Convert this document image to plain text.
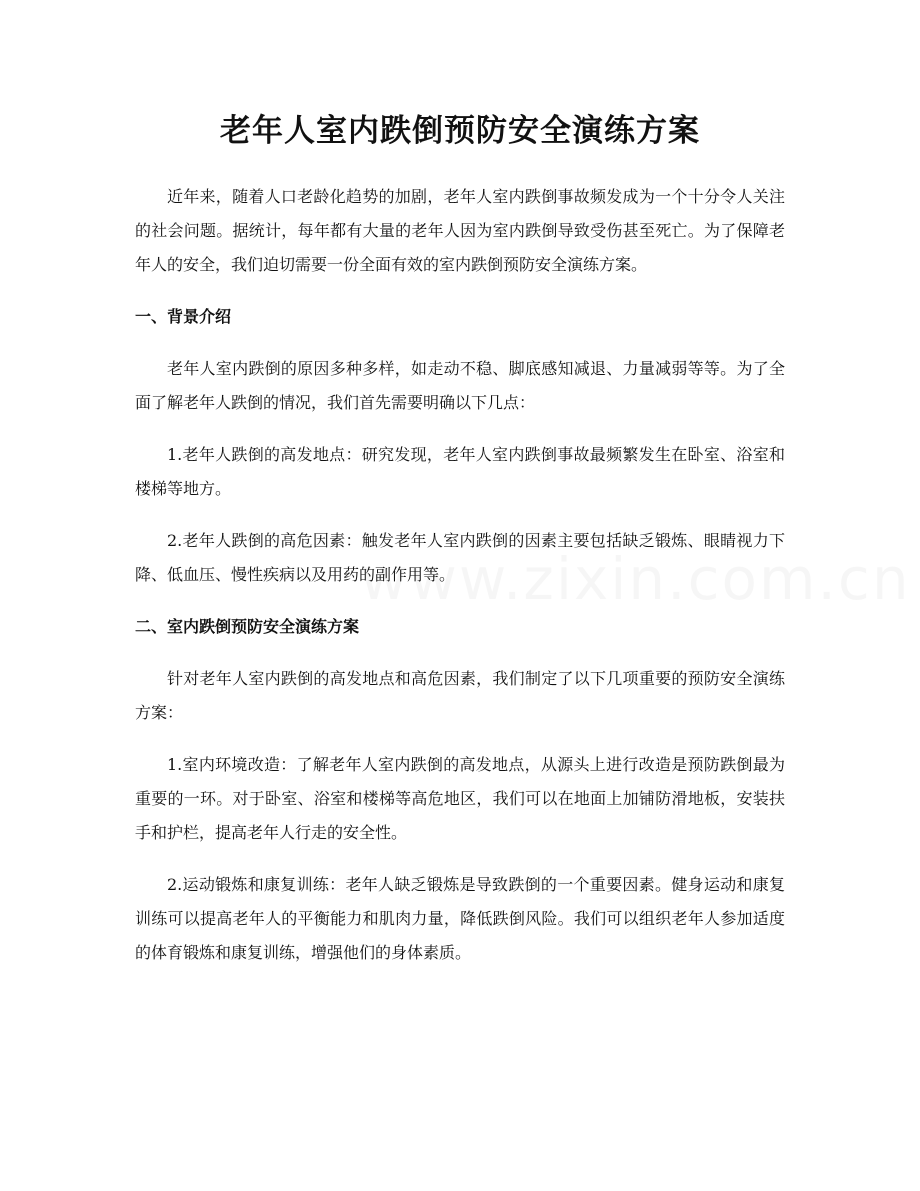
老年人室内跌倒预防安全演练方案

近年来，随着人口老龄化趋势的加剧，老年人室内跌倒事故频发成为一个十分令人关注的社会问题。据统计，每年都有大量的老年人因为室内跌倒导致受伤甚至死亡。为了保障老年人的安全，我们迫切需要一份全面有效的室内跌倒预防安全演练方案。

一、背景介绍

老年人室内跌倒的原因多种多样，如走动不稳、脚底感知减退、力量减弱等等。为了全面了解老年人跌倒的情况，我们首先需要明确以下几点：

1.老年人跌倒的高发地点：研究发现，老年人室内跌倒事故最频繁发生在卧室、浴室和楼梯等地方。

2.老年人跌倒的高危因素：触发老年人室内跌倒的因素主要包括缺乏锻炼、眼睛视力下降、低血压、慢性疾病以及用药的副作用等。

二、室内跌倒预防安全演练方案

针对老年人室内跌倒的高发地点和高危因素，我们制定了以下几项重要的预防安全演练方案：

1.室内环境改造：了解老年人室内跌倒的高发地点，从源头上进行改造是预防跌倒最为重要的一环。对于卧室、浴室和楼梯等高危地区，我们可以在地面上加铺防滑地板，安装扶手和护栏，提高老年人行走的安全性。

2.运动锻炼和康复训练：老年人缺乏锻炼是导致跌倒的一个重要因素。健身运动和康复训练可以提高老年人的平衡能力和肌肉力量，降低跌倒风险。我们可以组织老年人参加适度的体育锻炼和康复训练，增强他们的身体素质。
